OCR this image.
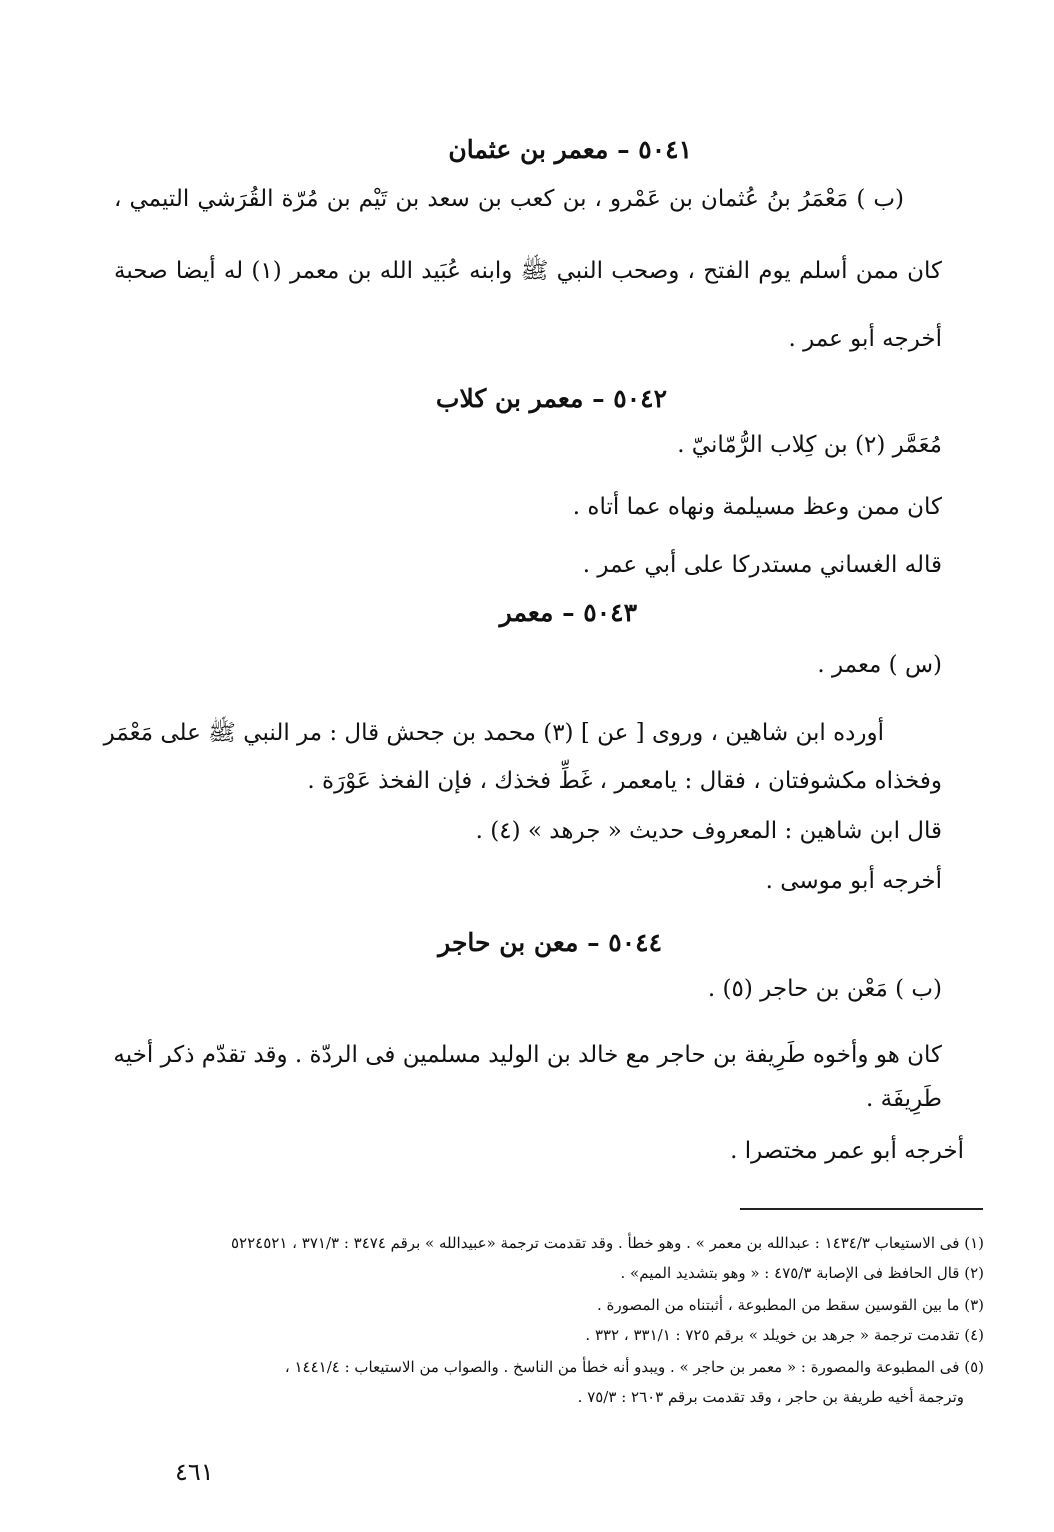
٥٠٤١ – معمر بن عثمان
(ب ) مَعْمَرُ بنُ عُثمان بن عَمْرو ، بن كعب بن سعد بن تَيْم بن مُرّة القُرَشي التيمي ،
كان ممن أسلم يوم الفتح ، وصحب النبي ﷺ وابنه عُبَيد الله بن معمر (١) له أيضا صحبة
أخرجه أبو عمر .
٥٠٤٢ – معمر بن كلاب
مُعَمَّر (٢) بن كِلاب الرُّمّانيّ .
كان ممن وعظ مسيلمة ونهاه عما أتاه .
قاله الغساني مستدركا على أبي عمر .
٥٠٤٣ – معمر
(س ) معمر .
أورده ابن شاهين ، وروى [ عن ] (٣) محمد بن جحش قال : مر النبي ﷺ على مَعْمَر
وفخذاه مكشوفتان ، فقال : يامعمر ، غَطِّ فخذك ، فإن الفخذ عَوْرَة .
قال ابن شاهين : المعروف حديث « جرهد » (٤) .
أخرجه أبو موسى .
٥٠٤٤ – معن بن حاجر
(ب ) مَعْن بن حاجر (٥) .
كان هو وأخوه طَرِيفة بن حاجر مع خالد بن الوليد مسلمين فى الردّة . وقد تقدّم ذكر أخيه
طَرِيفَة .
أخرجه أبو عمر مختصرا .
(١) فى الاستيعاب ١٤٣٤/٣ : عبدالله بن معمر » . وهو خطأ . وقد تقدمت ترجمة «عبيدالله » برقم ٣٤٧٤ : ٣٧١/٣ ، ٥٢٢٤٥٢١
(٢) قال الحافظ فى الإصابة ٤٧٥/٣ : « وهو بتشديد الميم» .
(٣) ما بين القوسين سقط من المطبوعة ، أثبتناه من المصورة .
(٤) تقدمت ترجمة « جرهد بن خويلد » برقم ٧٢٥ : ٣٣١/١ ، ٣٣٢ .
(٥) فى المطبوعة والمصورة : « معمر بن حاجر » . ويبدو أنه خطأ من الناسخ . والصواب من الاستيعاب : ١٤٤١/٤ ،
وترجمة أخيه طريفة بن حاجر ، وقد تقدمت برقم ٢٦٠٣ : ٧٥/٣ .
٤٦١
